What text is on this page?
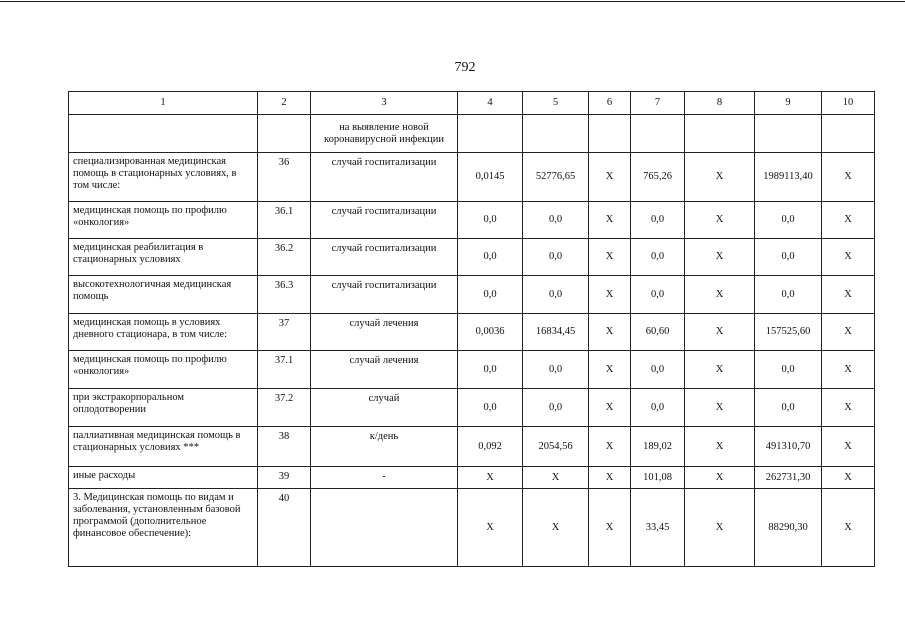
792
1	2	3	4	5	6	7	8	9	10
		на выявление новой коронавирусной инфекции							
специализированная медицинская помощь в стационарных условиях, в том числе:	36	случай госпитализации	0,0145	52776,65	Х	765,26	Х	1989113,40	Х
медицинская помощь по профилю «онкология»	36.1	случай госпитализации	0,0	0,0	Х	0,0	Х	0,0	Х
медицинская реабилитация в стационарных условиях	36.2	случай госпитализации	0,0	0,0	Х	0,0	Х	0,0	Х
высокотехнологичная медицинская помощь	36.3	случай госпитализации	0,0	0,0	Х	0,0	Х	0,0	Х
медицинская помощь в условиях дневного стационара, в том числе:	37	случай лечения	0,0036	16834,45	Х	60,60	Х	157525,60	Х
медицинская помощь по профилю «онкология»	37.1	случай лечения	0,0	0,0	Х	0,0	Х	0,0	Х
при экстракорпоральном оплодотворении	37.2	случай	0,0	0,0	Х	0,0	Х	0,0	Х
паллиативная медицинская помощь в стационарных условиях ***	38	к/день	0,092	2054,56	Х	189,02	Х	491310,70	Х
иные расходы	39	-	Х	Х	Х	101,08	Х	262731,30	Х
3. Медицинская помощь по видам и заболевания, установленным базовой программой (дополнительное финансовое обеспечение):	40		Х	Х	Х	33,45	Х	88290,30	Х
